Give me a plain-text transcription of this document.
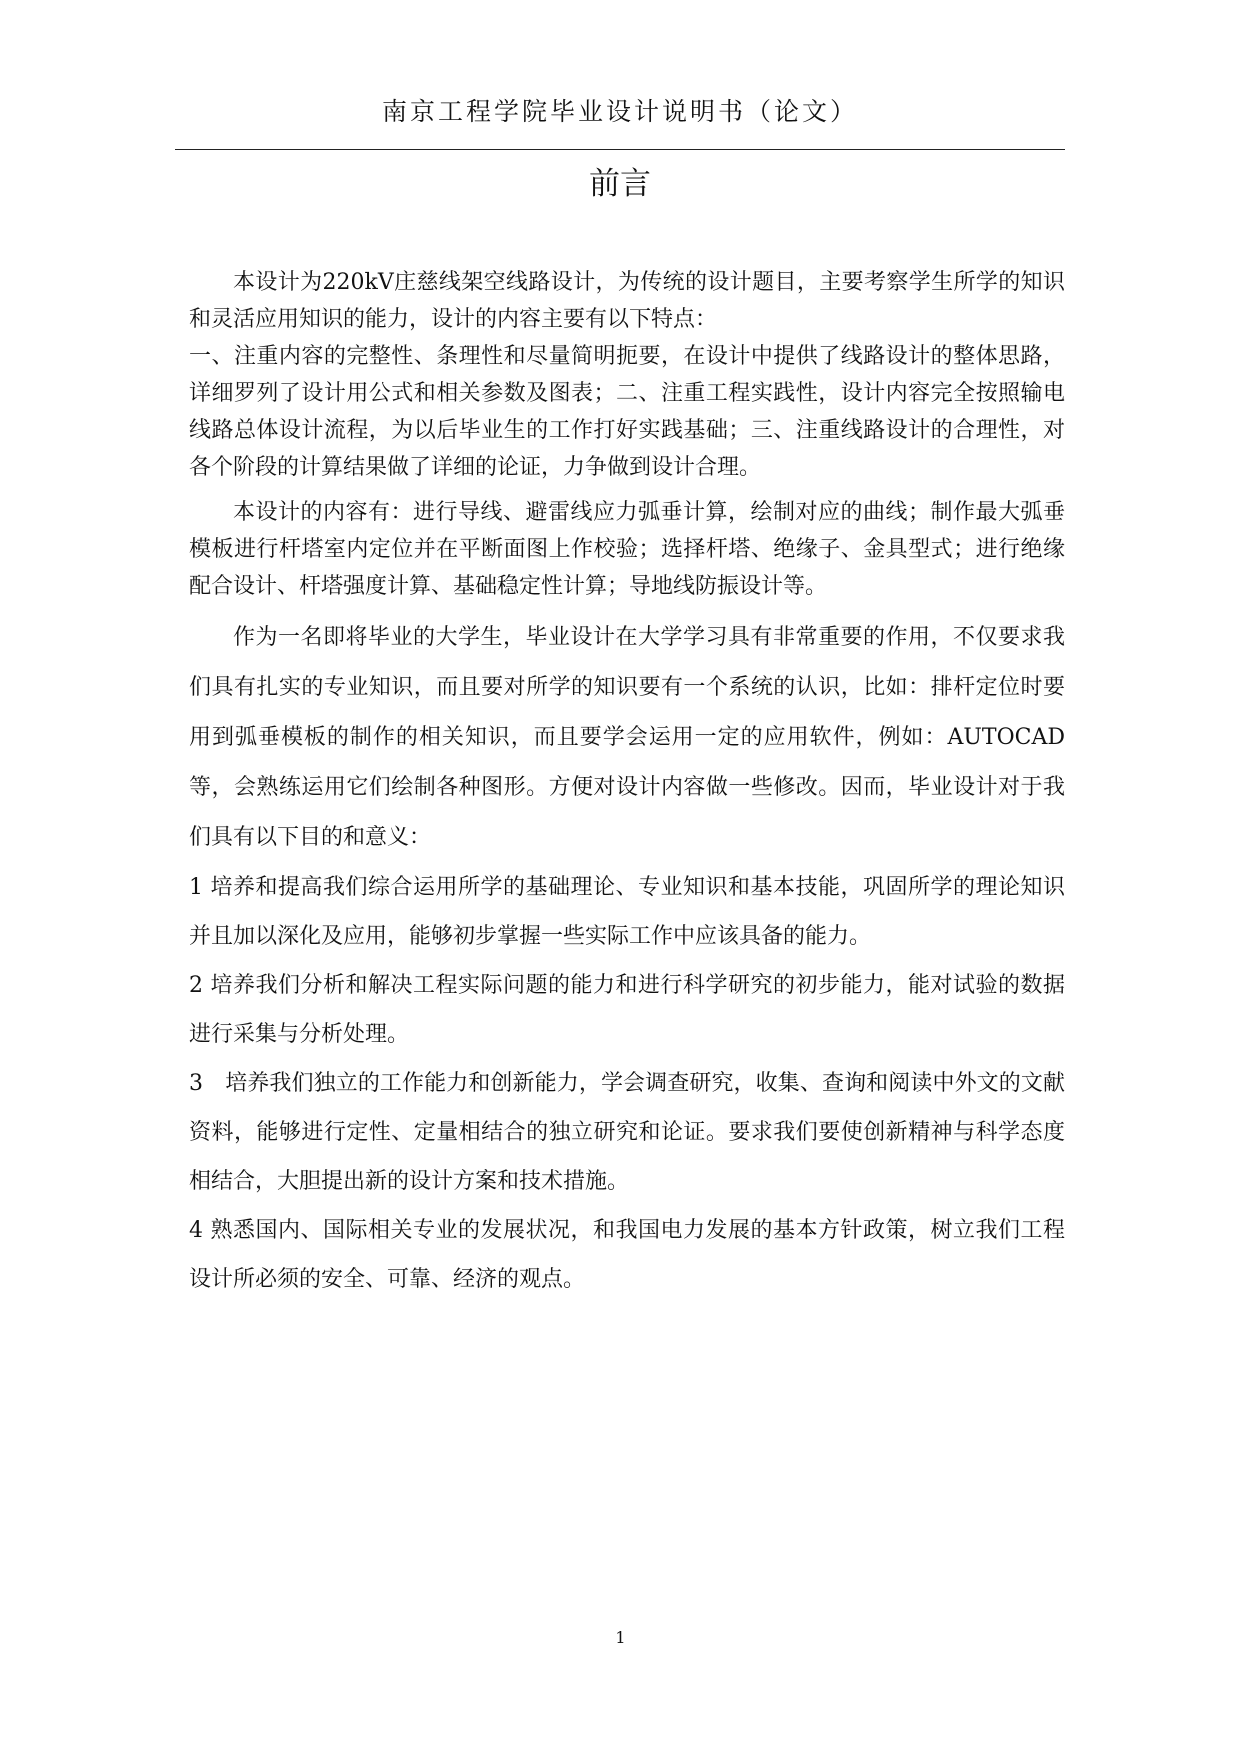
南京工程学院毕业设计说明书（论文）
前言

本设计为220kV庄慈线架空线路设计，为传统的设计题目，主要考察学生所学的知识和灵活应用知识的能力，设计的内容主要有以下特点：

一、注重内容的完整性、条理性和尽量简明扼要，在设计中提供了线路设计的整体思路，详细罗列了设计用公式和相关参数及图表；二、注重工程实践性，设计内容完全按照输电线路总体设计流程，为以后毕业生的工作打好实践基础；三、注重线路设计的合理性，对各个阶段的计算结果做了详细的论证，力争做到设计合理。

本设计的内容有：进行导线、避雷线应力弧垂计算，绘制对应的曲线；制作最大弧垂模板进行杆塔室内定位并在平断面图上作校验；选择杆塔、绝缘子、金具型式；进行绝缘配合设计、杆塔强度计算、基础稳定性计算；导地线防振设计等。

作为一名即将毕业的大学生，毕业设计在大学学习具有非常重要的作用，不仅要求我们具有扎实的专业知识，而且要对所学的知识要有一个系统的认识，比如：排杆定位时要用到弧垂模板的制作的相关知识，而且要学会运用一定的应用软件，例如：AUTOCAD等，会熟练运用它们绘制各种图形。方便对设计内容做一些修改。因而，毕业设计对于我们具有以下目的和意义：

1 培养和提高我们综合运用所学的基础理论、专业知识和基本技能，巩固所学的理论知识并且加以深化及应用，能够初步掌握一些实际工作中应该具备的能力。

2 培养我们分析和解决工程实际问题的能力和进行科学研究的初步能力，能对试验的数据进行采集与分析处理。

3　培养我们独立的工作能力和创新能力，学会调查研究，收集、查询和阅读中外文的文献资料，能够进行定性、定量相结合的独立研究和论证。要求我们要使创新精神与科学态度相结合，大胆提出新的设计方案和技术措施。

4 熟悉国内、国际相关专业的发展状况，和我国电力发展的基本方针政策，树立我们工程设计所必须的安全、可靠、经济的观点。

1
